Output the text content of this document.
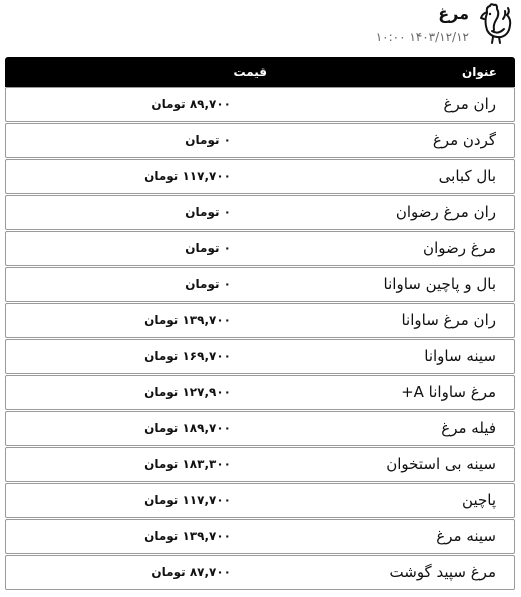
مرغ
۱۴۰۳/۱۲/۱۲ ۱۰:۰۰
عنوان
قیمت
ران مرغ
۸۹,۷۰۰ تومان
گردن مرغ
۰ تومان
بال کبابی
۱۱۷,۷۰۰ تومان
ران مرغ رضوان
۰ تومان
مرغ رضوان
۰ تومان
بال و پاچین ساوانا
۰ تومان
ران مرغ ساوانا
۱۳۹,۷۰۰ تومان
سینه ساوانا
۱۶۹,۷۰۰ تومان
مرغ ساوانا A+
۱۲۷,۹۰۰ تومان
فیله مرغ
۱۸۹,۷۰۰ تومان
سینه بی استخوان
۱۸۳,۳۰۰ تومان
پاچین
۱۱۷,۷۰۰ تومان
سینه مرغ
۱۳۹,۷۰۰ تومان
مرغ سپید گوشت
۸۷,۷۰۰ تومان
